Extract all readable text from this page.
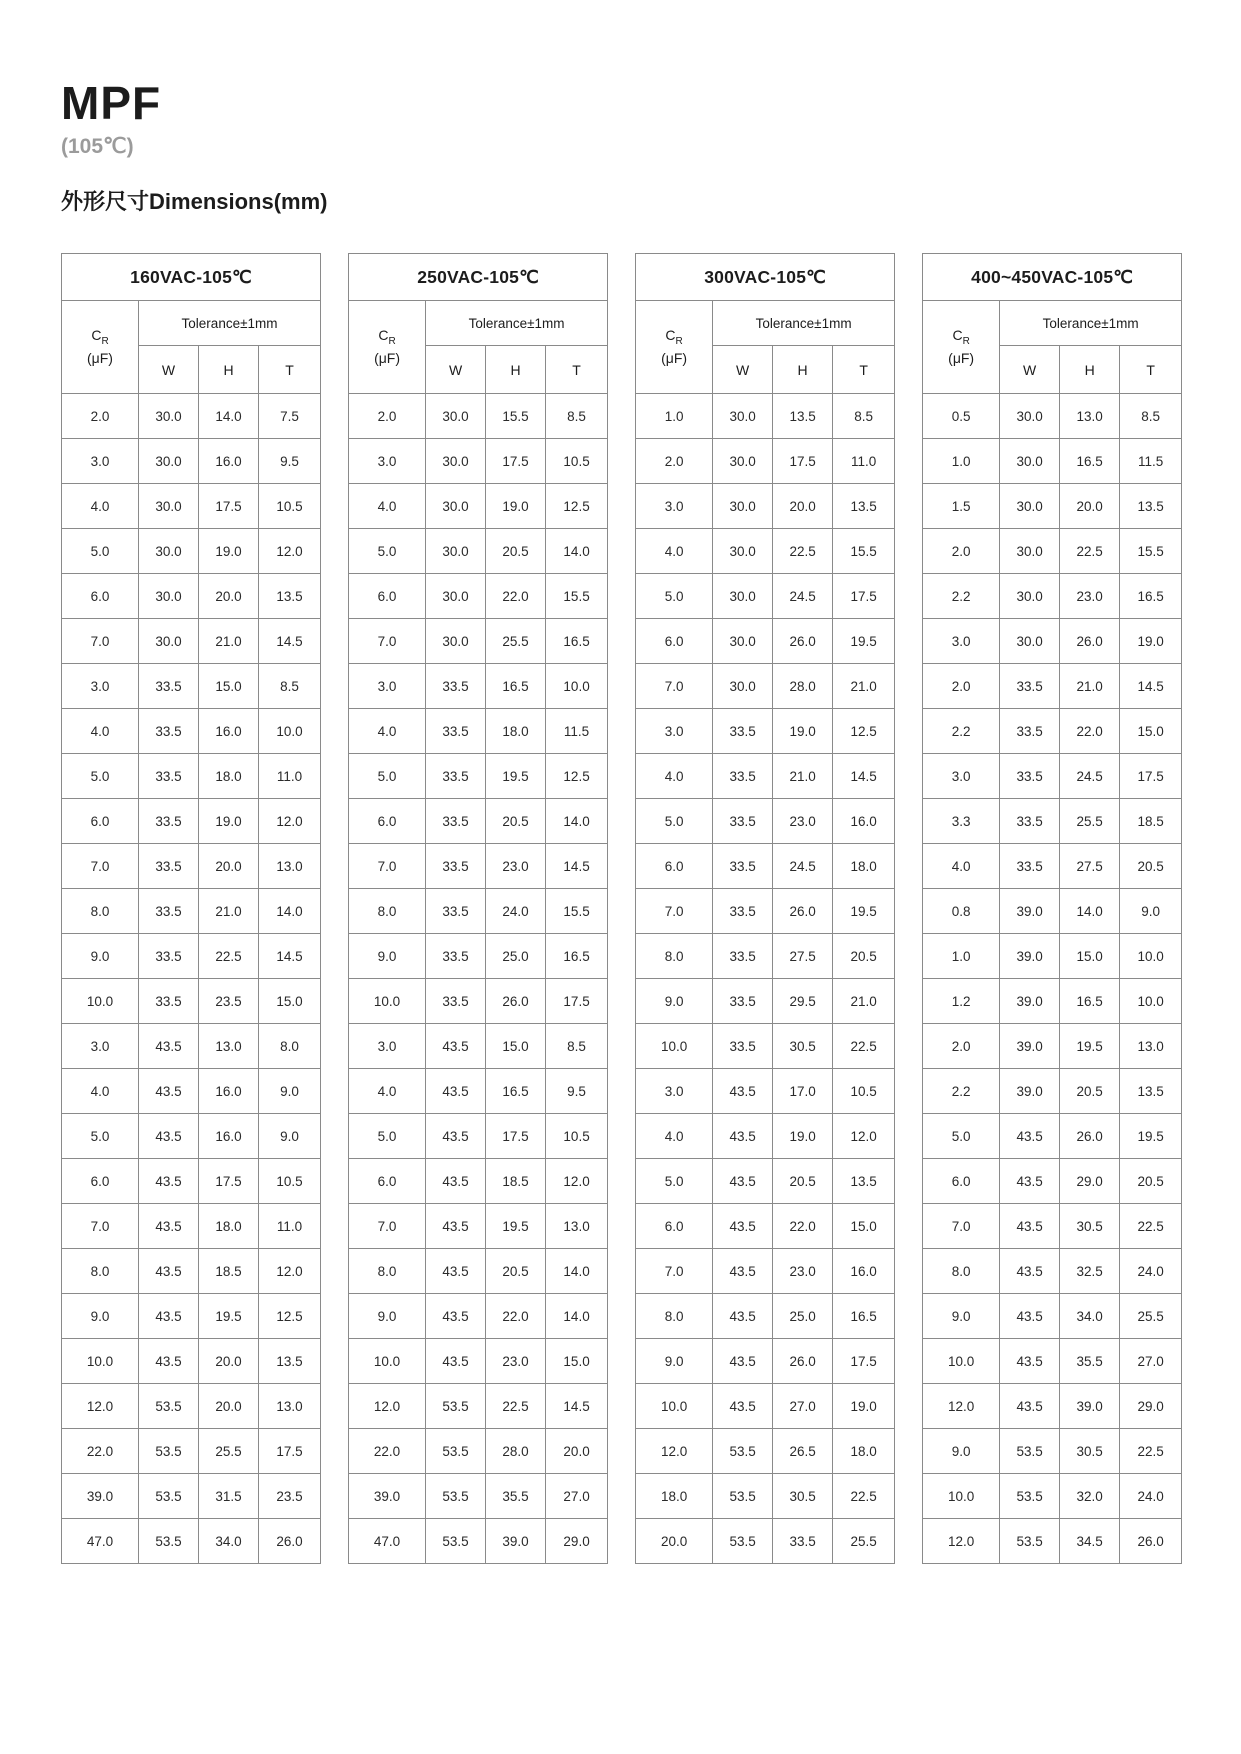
MPF
(105℃)
外形尺寸Dimensions(mm)
160VAC-105℃			
$C_R$
(μF)	Tolerance±1mm		
	W	H	T
2.0	30.0	14.0	7.5
3.0	30.0	16.0	9.5
4.0	30.0	17.5	10.5
5.0	30.0	19.0	12.0
6.0	30.0	20.0	13.5
7.0	30.0	21.0	14.5
3.0	33.5	15.0	8.5
4.0	33.5	16.0	10.0
5.0	33.5	18.0	11.0
6.0	33.5	19.0	12.0
7.0	33.5	20.0	13.0
8.0	33.5	21.0	14.0
9.0	33.5	22.5	14.5
10.0	33.5	23.5	15.0
3.0	43.5	13.0	8.0
4.0	43.5	16.0	9.0
5.0	43.5	16.0	9.0
6.0	43.5	17.5	10.5
7.0	43.5	18.0	11.0
8.0	43.5	18.5	12.0
9.0	43.5	19.5	12.5
10.0	43.5	20.0	13.5
12.0	53.5	20.0	13.0
22.0	53.5	25.5	17.5
39.0	53.5	31.5	23.5
47.0	53.5	34.0	26.0
250VAC-105℃			
$C_R$
(μF)	Tolerance±1mm		
	W	H	T
2.0	30.0	15.5	8.5
3.0	30.0	17.5	10.5
4.0	30.0	19.0	12.5
5.0	30.0	20.5	14.0
6.0	30.0	22.0	15.5
7.0	30.0	25.5	16.5
3.0	33.5	16.5	10.0
4.0	33.5	18.0	11.5
5.0	33.5	19.5	12.5
6.0	33.5	20.5	14.0
7.0	33.5	23.0	14.5
8.0	33.5	24.0	15.5
9.0	33.5	25.0	16.5
10.0	33.5	26.0	17.5
3.0	43.5	15.0	8.5
4.0	43.5	16.5	9.5
5.0	43.5	17.5	10.5
6.0	43.5	18.5	12.0
7.0	43.5	19.5	13.0
8.0	43.5	20.5	14.0
9.0	43.5	22.0	14.0
10.0	43.5	23.0	15.0
12.0	53.5	22.5	14.5
22.0	53.5	28.0	20.0
39.0	53.5	35.5	27.0
47.0	53.5	39.0	29.0
300VAC-105℃			
$C_R$
(μF)	Tolerance±1mm		
	W	H	T
1.0	30.0	13.5	8.5
2.0	30.0	17.5	11.0
3.0	30.0	20.0	13.5
4.0	30.0	22.5	15.5
5.0	30.0	24.5	17.5
6.0	30.0	26.0	19.5
7.0	30.0	28.0	21.0
3.0	33.5	19.0	12.5
4.0	33.5	21.0	14.5
5.0	33.5	23.0	16.0
6.0	33.5	24.5	18.0
7.0	33.5	26.0	19.5
8.0	33.5	27.5	20.5
9.0	33.5	29.5	21.0
10.0	33.5	30.5	22.5
3.0	43.5	17.0	10.5
4.0	43.5	19.0	12.0
5.0	43.5	20.5	13.5
6.0	43.5	22.0	15.0
7.0	43.5	23.0	16.0
8.0	43.5	25.0	16.5
9.0	43.5	26.0	17.5
10.0	43.5	27.0	19.0
12.0	53.5	26.5	18.0
18.0	53.5	30.5	22.5
20.0	53.5	33.5	25.5
400~450VAC-105℃			
$C_R$
(μF)	Tolerance±1mm		
	W	H	T
0.5	30.0	13.0	8.5
1.0	30.0	16.5	11.5
1.5	30.0	20.0	13.5
2.0	30.0	22.5	15.5
2.2	30.0	23.0	16.5
3.0	30.0	26.0	19.0
2.0	33.5	21.0	14.5
2.2	33.5	22.0	15.0
3.0	33.5	24.5	17.5
3.3	33.5	25.5	18.5
4.0	33.5	27.5	20.5
0.8	39.0	14.0	9.0
1.0	39.0	15.0	10.0
1.2	39.0	16.5	10.0
2.0	39.0	19.5	13.0
2.2	39.0	20.5	13.5
5.0	43.5	26.0	19.5
6.0	43.5	29.0	20.5
7.0	43.5	30.5	22.5
8.0	43.5	32.5	24.0
9.0	43.5	34.0	25.5
10.0	43.5	35.5	27.0
12.0	43.5	39.0	29.0
9.0	53.5	30.5	22.5
10.0	53.5	32.0	24.0
12.0	53.5	34.5	26.0
